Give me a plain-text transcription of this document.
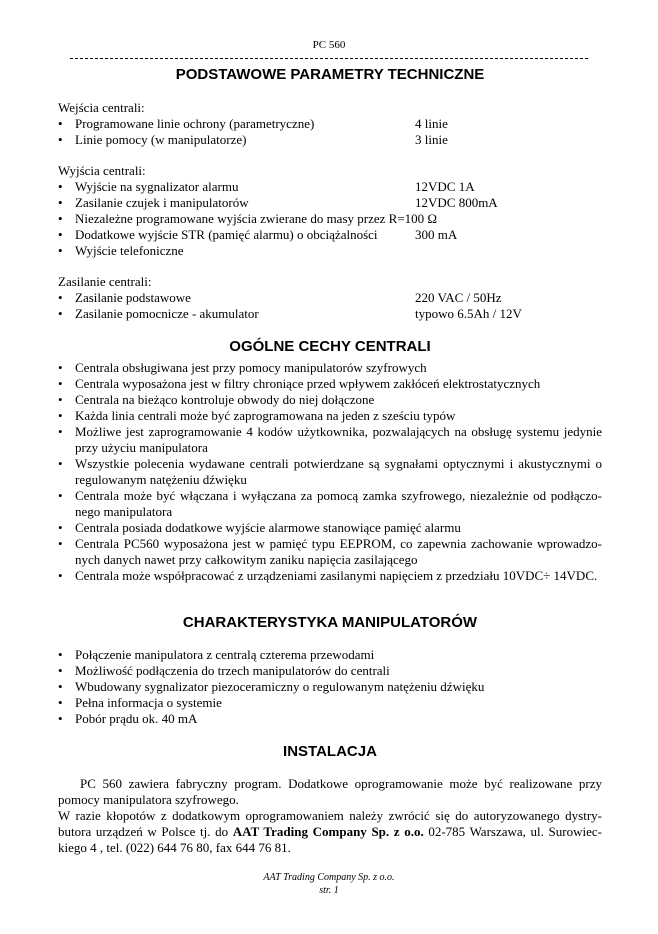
PC 560
PODSTAWOWE PARAMETRY TECHNICZNE
Wejścia centrali:
• Programowane linie ochrony (parametryczne)	4 linie
• Linie pomocy (w manipulatorze)	3 linie
Wyjścia centrali:
• Wyjście na sygnalizator alarmu	12VDC 1A
• Zasilanie czujek i manipulatorów	12VDC 800mA
• Niezależne programowane wyjścia zwierane do masy przez R=100 Ω
• Dodatkowe wyjście STR (pamięć alarmu) o obciążalności	300 mA
• Wyjście telefoniczne
Zasilanie centrali:
• Zasilanie podstawowe	220 VAC / 50Hz
• Zasilanie pomocnicze - akumulator	typowo 6.5Ah / 12V
OGÓLNE CECHY CENTRALI
• Centrala obsługiwana jest przy pomocy manipulatorów szyfrowych
• Centrala wyposażona jest w filtry chroniące przed wpływem zakłóceń elektrostatycznych
• Centrala na bieżąco kontroluje obwody do niej dołączone
• Każda linia centrali może być zaprogramowana na jeden z sześciu typów
• Możliwe jest zaprogramowanie 4 kodów użytkownika, pozwalających na obsługę systemu jedynie przy użyciu manipulatora
• Wszystkie polecenia wydawane centrali potwierdzane są sygnałami optycznymi i akustycznymi o regulowanym natężeniu dźwięku
• Centrala może być włączana i wyłączana za pomocą zamka szyfrowego, niezależnie od podłączo-nego manipulatora
• Centrala posiada dodatkowe wyjście alarmowe stanowiące pamięć alarmu
• Centrala PC560 wyposażona jest w pamięć typu EEPROM, co zapewnia zachowanie wprowadzo-nych danych nawet przy całkowitym zaniku napięcia zasilającego
• Centrala może współpracować z urządzeniami zasilanymi napięciem z przedziału 10VDC÷ 14VDC.
CHARAKTERYSTYKA MANIPULATORÓW
• Połączenie manipulatora z centralą czterema przewodami
• Możliwość podłączenia do trzech manipulatorów do centrali
• Wbudowany sygnalizator piezoceramiczny o regulowanym natężeniu dźwięku
• Pełna informacja o systemie
• Pobór prądu ok. 40 mA
INSTALACJA
PC 560 zawiera fabryczny program. Dodatkowe oprogramowanie może być realizowane przy pomocy manipulatora szyfrowego.
W razie kłopotów z dodatkowym oprogramowaniem należy zwrócić się do autoryzowanego dystry-butora urządzeń w Polsce tj. do AAT Trading Company Sp. z o.o. 02-785 Warszawa, ul. Surowiec-kiego 4 , tel. (022) 644 76 80, fax 644 76 81.
AAT Trading Company Sp. z o.o.
str. 1
